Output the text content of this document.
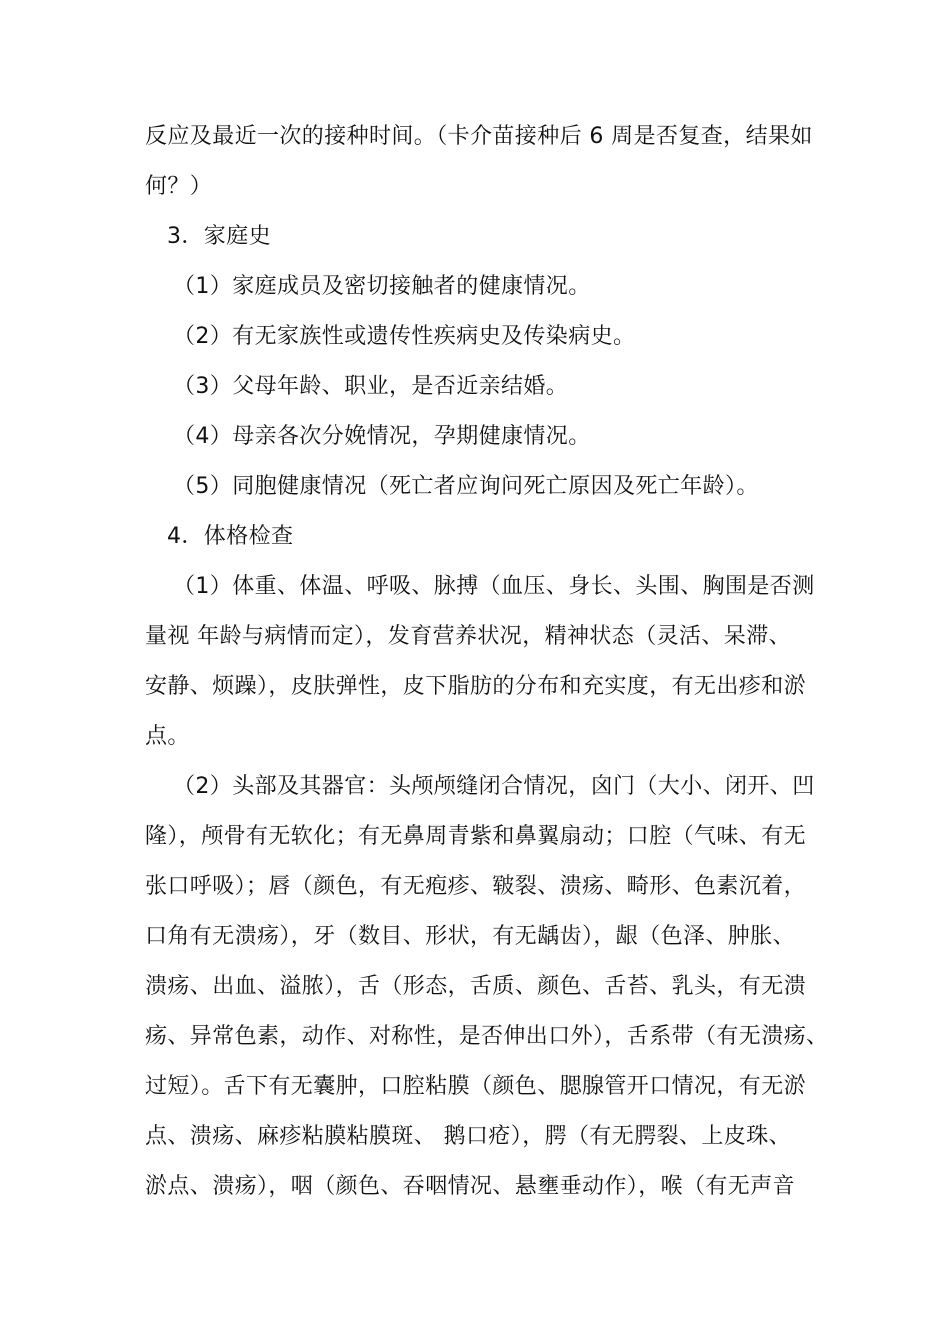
反应及最近一次的接种时间。（卡介苗接种后 6 周是否复查，结果如
何？）
3．家庭史
（1）家庭成员及密切接触者的健康情况。
（2）有无家族性或遗传性疾病史及传染病史。
（3）父母年龄、职业，是否近亲结婚。
（4）母亲各次分娩情况，孕期健康情况。
（5）同胞健康情况（死亡者应询问死亡原因及死亡年龄）。
4．体格检查
（1）体重、体温、呼吸、脉搏（血压、身长、头围、胸围是否测
量视 年龄与病情而定），发育营养状况，精神状态（灵活、呆滞、
安静、烦躁），皮肤弹性，皮下脂肪的分布和充实度，有无出疹和淤
点。
（2）头部及其器官：头颅颅缝闭合情况，囟门（大小、闭开、凹
隆），颅骨有无软化；有无鼻周青紫和鼻翼扇动；口腔（气味、有无
张口呼吸）；唇（颜色，有无疱疹、皲裂、溃疡、畸形、色素沉着，
口角有无溃疡），牙（数目、形状，有无龋齿），龈（色泽、肿胀、
溃疡、出血、溢脓），舌（形态，舌质、颜色、舌苔、乳头，有无溃
疡、异常色素，动作、对称性，是否伸出口外），舌系带（有无溃疡、
过短）。舌下有无囊肿，口腔粘膜（颜色、腮腺管开口情况，有无淤
点、溃疡、麻疹粘膜粘膜斑、 鹅口疮），腭（有无腭裂、上皮珠、
淤点、溃疡），咽（颜色、吞咽情况、悬壅垂动作），喉（有无声音
